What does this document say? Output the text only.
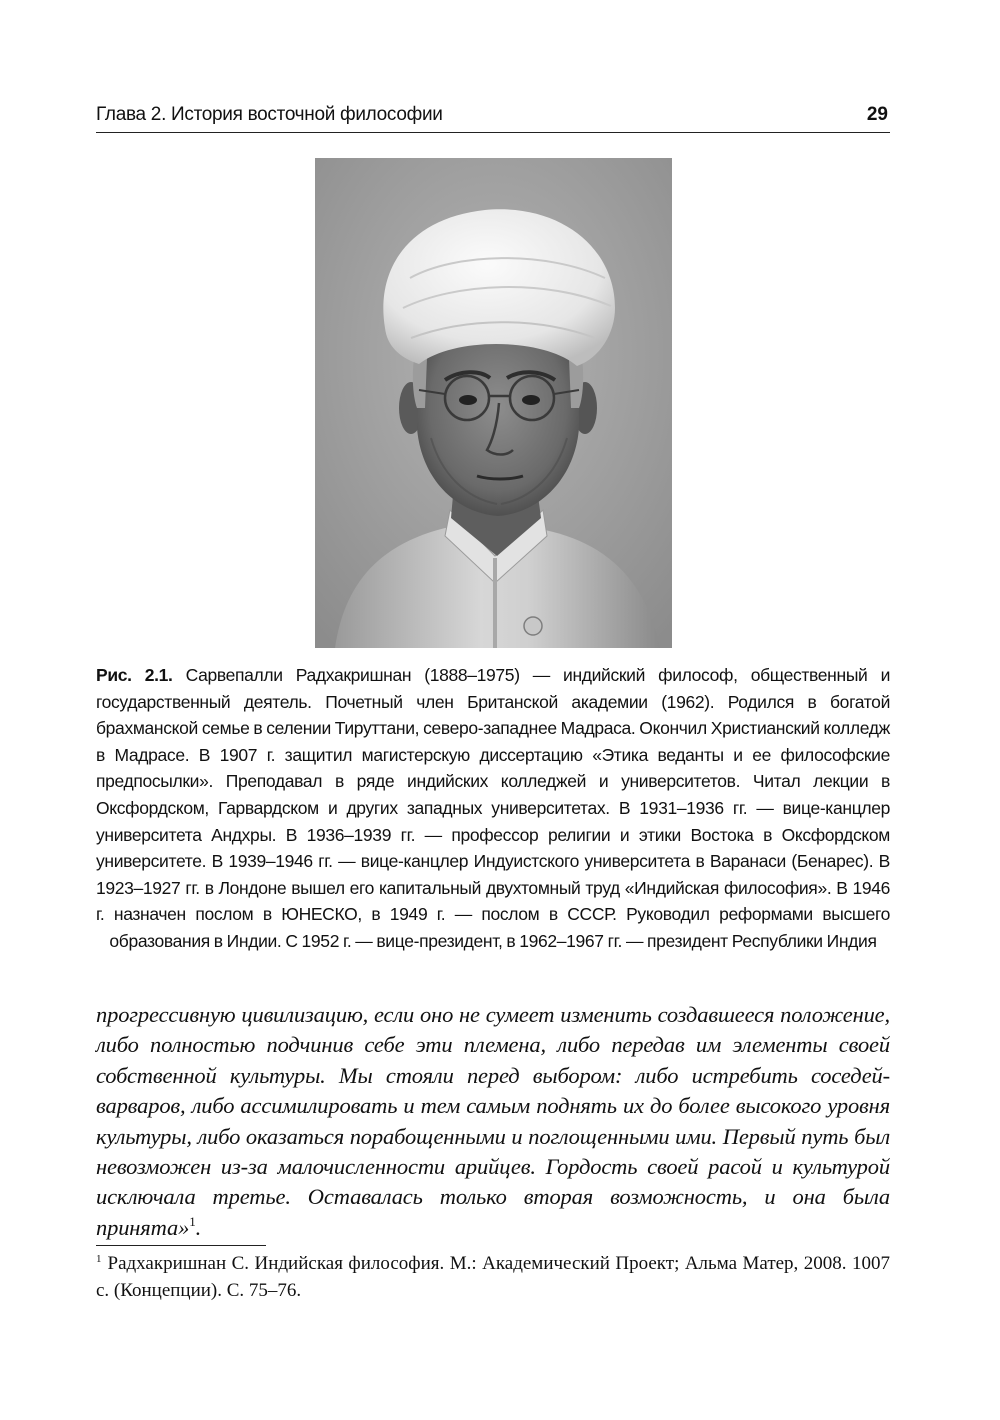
Глава 2. История восточной философии	29
Рис. 2.1. Сарвепалли Радхакришнан (1888–1975) — индийский философ, общественный и государственный деятель. Почетный член Британской академии (1962). Родился в богатой брахманской семье в селении Тируттани, северо-западнее Мадраса. Окончил Христианский колледж в Мадрасе. В 1907 г. защитил магистерскую диссертацию «Этика веданты и ее философские предпосылки». Преподавал в ряде индийских колледжей и университетов. Читал лекции в Оксфордском, Гарвардском и других западных университетах. В 1931–1936 гг. — вице-канцлер университета Андхры. В 1936–1939 гг. — профессор религии и этики Востока в Оксфордском университете. В 1939–1946 гг. — вице-канцлер Индуистского университета в Варанаси (Бенарес). В 1923–1927 гг. в Лондоне вышел его капитальный двухтомный труд «Индийская философия». В 1946 г. назначен послом в ЮНЕСКО, в 1949 г. — послом в СССР. Руководил реформами высшего образования в Индии. С 1952 г. — вице-президент, в 1962–1967 гг. — президент Республики Индия
прогрессивную цивилизацию, если оно не сумеет изменить создавшееся положение, либо полностью подчинив себе эти племена, либо передав им элементы своей собственной культуры. Мы стояли перед выбором: либо истребить соседей-варваров, либо ассимилировать и тем самым поднять их до более высокого уровня культуры, либо оказаться порабощенными и поглощенными ими. Первый путь был невозможен из-за малочисленности арийцев. Гордость своей расой и культурой исключала третье. Оставалась только вторая возможность, и она была принята»$^1$.
$^1$ Радхакришнан С. Индийская философия. М.: Академический Проект; Альма Матер, 2008. 1007 с. (Концепции). С. 75–76.
